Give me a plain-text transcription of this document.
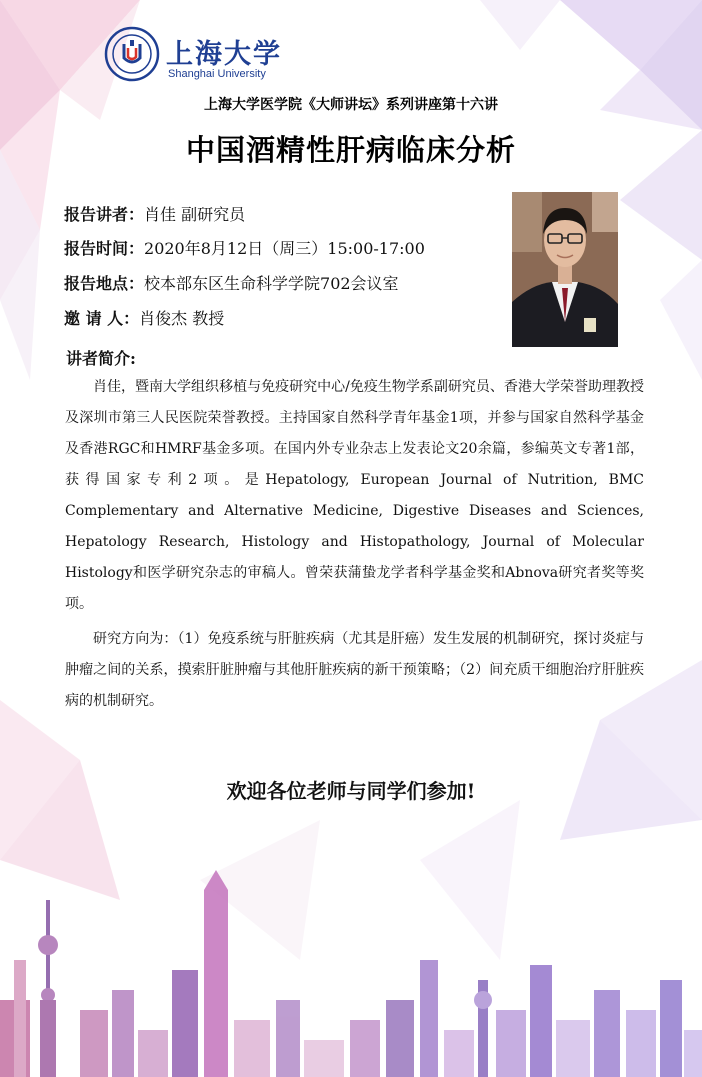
上海大学
Shanghai University
上海大学医学院《大师讲坛》系列讲座第十六讲
中国酒精性肝病临床分析
报告讲者：肖佳 副研究员
报告时间：2020年8月12日（周三）15:00-17:00
报告地点：校本部东区生命科学学院702会议室
邀 请 人：肖俊杰 教授
讲者简介:

肖佳，暨南大学组织移植与免疫研究中心/免疫生物学系副研究员、香港大学荣誉助理教授及深圳市第三人民医院荣誉教授。主持国家自然科学青年基金1项，并参与国家自然科学基金及香港RGC和HMRF基金多项。在国内外专业杂志上发表论文20余篇，参编英文专著1部，获得国家专利2项。是Hepatology, European Journal of Nutrition, BMC Complementary and Alternative Medicine, Digestive Diseases and Sciences, Hepatology Research, Histology and Histopathology, Journal of Molecular Histology和医学研究杂志的审稿人。曾荣获蒲蛰龙学者科学基金奖和Abnova研究者奖等奖项。

研究方向为：（1）免疫系统与肝脏疾病（尤其是肝癌）发生发展的机制研究，探讨炎症与肿瘤之间的关系，摸索肝脏肿瘤与其他肝脏疾病的新干预策略；（2）间充质干细胞治疗肝脏疾病的机制研究。

欢迎各位老师与同学们参加!
